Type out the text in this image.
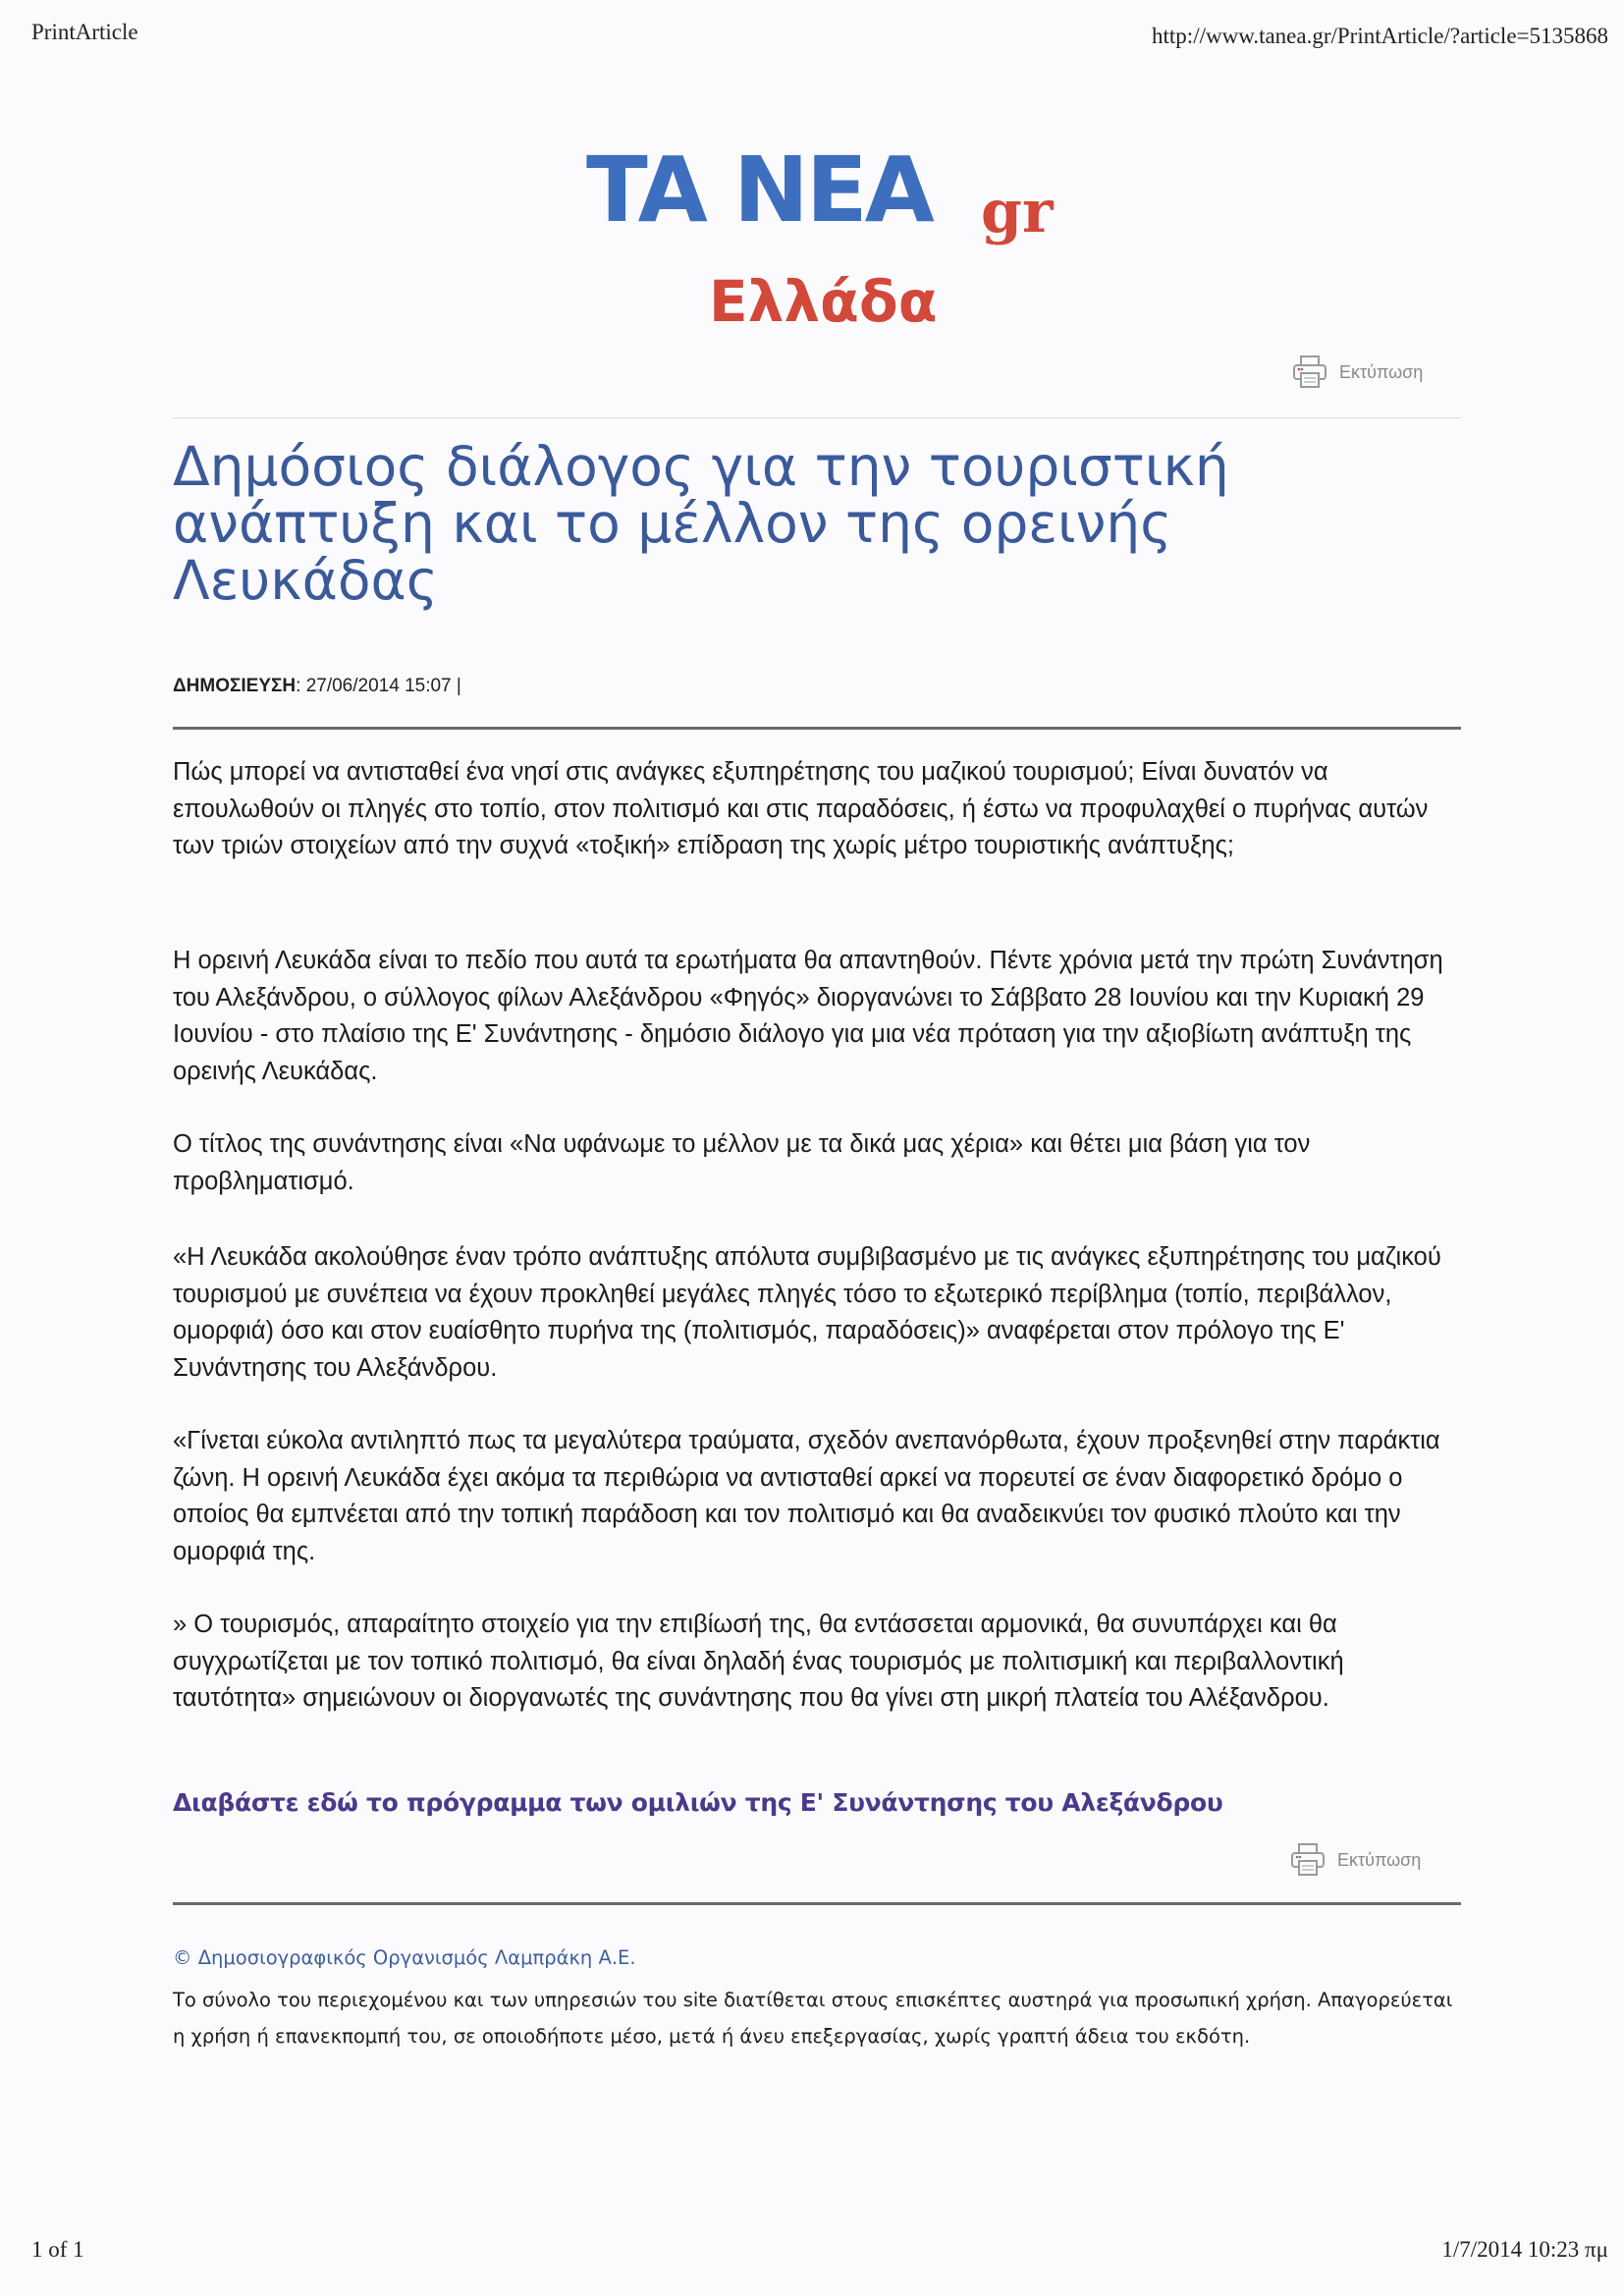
PrintArticle	http://www.tanea.gr/PrintArticle/?article=5135868
TA NEA gr
Ελλάδα
Εκτύπωση
Δημόσιος διάλογος για την τουριστική ανάπτυξη και το μέλλον της ορεινής Λευκάδας
ΔΗΜΟΣΙΕΥΣΗ: 27/06/2014 15:07 |

Πώς μπορεί να αντισταθεί ένα νησί στις ανάγκες εξυπηρέτησης του μαζικού τουρισμού; Είναι δυνατόν να επουλωθούν οι πληγές στο τοπίο, στον πολιτισμό και στις παραδόσεις, ή έστω να προφυλαχθεί ο πυρήνας αυτών των τριών στοιχείων από την συχνά «τοξική» επίδραση της χωρίς μέτρο τουριστικής ανάπτυξης;

Η ορεινή Λευκάδα είναι το πεδίο που αυτά τα ερωτήματα θα απαντηθούν. Πέντε χρόνια μετά την πρώτη Συνάντηση του Αλεξάνδρου, ο σύλλογος φίλων Αλεξάνδρου «Φηγός» διοργανώνει το Σάββατο 28 Ιουνίου και την Κυριακή 29 Ιουνίου - στο πλαίσιο της Ε' Συνάντησης - δημόσιο διάλογο για μια νέα πρόταση για την αξιοβίωτη ανάπτυξη της ορεινής Λευκάδας.

Ο τίτλος της συνάντησης είναι «Να υφάνωμε το μέλλον με τα δικά μας χέρια» και θέτει μια βάση για τον προβληματισμό.

«Η Λευκάδα ακολούθησε έναν τρόπο ανάπτυξης απόλυτα συμβιβασμένο με τις ανάγκες εξυπηρέτησης του μαζικού τουρισμού με συνέπεια να έχουν προκληθεί μεγάλες πληγές τόσο το εξωτερικό περίβλημα (τοπίο, περιβάλλον, ομορφιά) όσο και στον ευαίσθητο πυρήνα της (πολιτισμός, παραδόσεις)» αναφέρεται στον πρόλογο της Ε' Συνάντησης του Αλεξάνδρου.

«Γίνεται εύκολα αντιληπτό πως τα μεγαλύτερα τραύματα, σχεδόν ανεπανόρθωτα, έχουν προξενηθεί στην παράκτια ζώνη. Η ορεινή Λευκάδα έχει ακόμα τα περιθώρια να αντισταθεί αρκεί να πορευτεί σε έναν διαφορετικό δρόμο ο οποίος θα εμπνέεται από την τοπική παράδοση και τον πολιτισμό και θα αναδεικνύει τον φυσικό πλούτο και την ομορφιά της.

» Ο τουρισμός, απαραίτητο στοιχείο για την επιβίωσή της, θα εντάσσεται αρμονικά, θα συνυπάρχει και θα συγχρωτίζεται με τον τοπικό πολιτισμό, θα είναι δηλαδή ένας τουρισμός με πολιτισμική και περιβαλλοντική ταυτότητα» σημειώνουν οι διοργανωτές της συνάντησης που θα γίνει στη μικρή πλατεία του Αλέξανδρου.

Διαβάστε εδώ το πρόγραμμα των ομιλιών της Ε' Συνάντησης του Αλεξάνδρου
Εκτύπωση
© Δημοσιογραφικός Οργανισμός Λαμπράκη Α.Ε.

Το σύνολο του περιεχομένου και των υπηρεσιών του site διατίθεται στους επισκέπτες αυστηρά για προσωπική χρήση. Απαγορεύεται η χρήση ή επανεκπομπή του, σε οποιοδήποτε μέσο, μετά ή άνευ επεξεργασίας, χωρίς γραπτή άδεια του εκδότη.

1 of 1	1/7/2014 10:23 πμ
